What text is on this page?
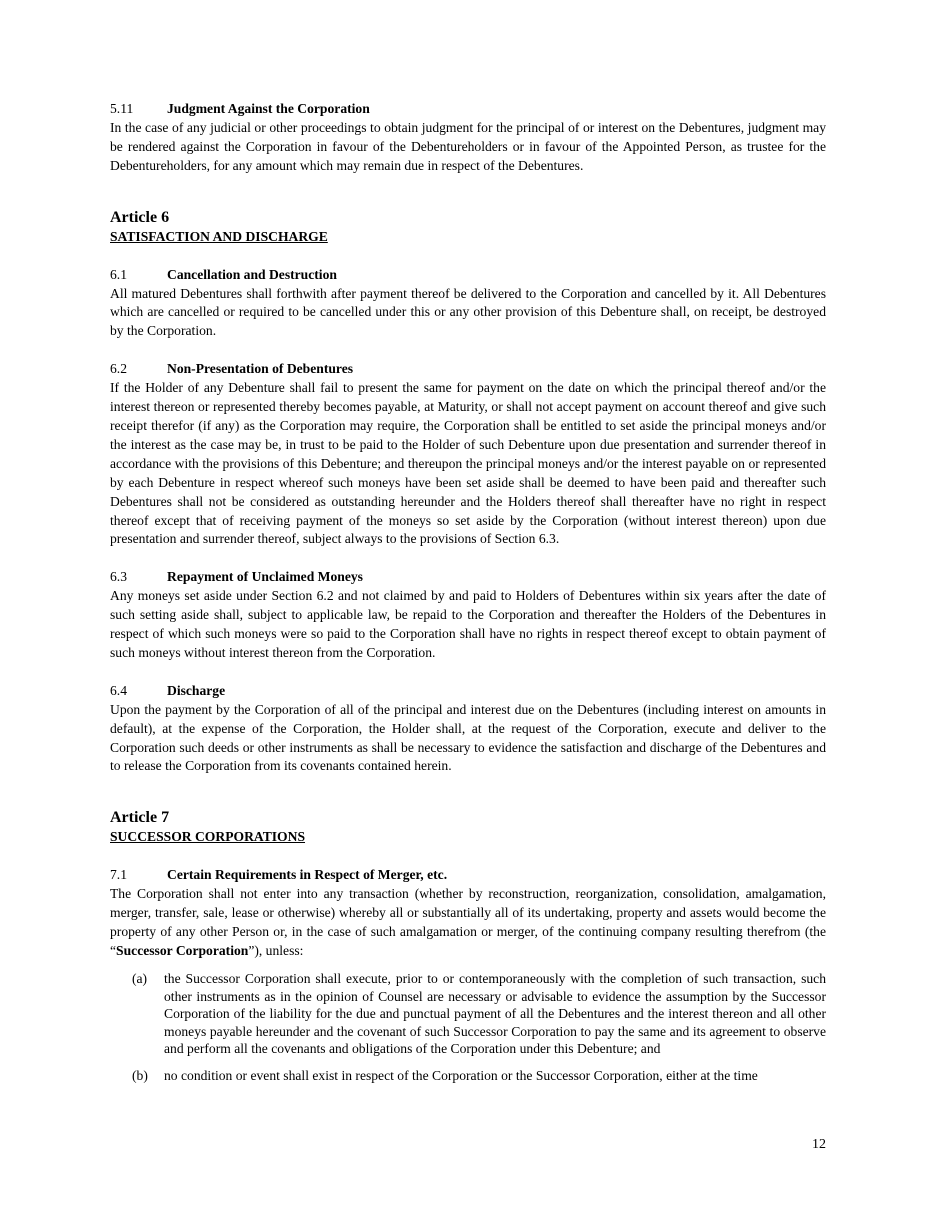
5.11 Judgment Against the Corporation

In the case of any judicial or other proceedings to obtain judgment for the principal of or interest on the Debentures, judgment may be rendered against the Corporation in favour of the Debentureholders or in favour of the Appointed Person, as trustee for the Debentureholders, for any amount which may remain due in respect of the Debentures.

Article 6

SATISFACTION AND DISCHARGE

6.1	Cancellation and Destruction

All matured Debentures shall forthwith after payment thereof be delivered to the Corporation and cancelled by it. All Debentures which are cancelled or required to be cancelled under this or any other provision of this Debenture shall, on receipt, be destroyed by the Corporation.

6.2	Non-Presentation of Debentures

If the Holder of any Debenture shall fail to present the same for payment on the date on which the principal thereof and/or the interest thereon or represented thereby becomes payable, at Maturity, or shall not accept payment on account thereof and give such receipt therefor (if any) as the Corporation may require, the Corporation shall be entitled to set aside the principal moneys and/or the interest as the case may be, in trust to be paid to the Holder of such Debenture upon due presentation and surrender thereof in accordance with the provisions of this Debenture; and thereupon the principal moneys and/or the interest payable on or represented by each Debenture in respect whereof such moneys have been set aside shall be deemed to have been paid and thereafter such Debentures shall not be considered as outstanding hereunder and the Holders thereof shall thereafter have no right in respect thereof except that of receiving payment of the moneys so set aside by the Corporation (without interest thereon) upon due presentation and surrender thereof, subject always to the provisions of Section 6.3.

6.3	Repayment of Unclaimed Moneys

Any moneys set aside under Section 6.2 and not claimed by and paid to Holders of Debentures within six years after the date of such setting aside shall, subject to applicable law, be repaid to the Corporation and thereafter the Holders of the Debentures in respect of which such moneys were so paid to the Corporation shall have no rights in respect thereof except to obtain payment of such moneys without interest thereon from the Corporation.

6.4	Discharge

Upon the payment by the Corporation of all of the principal and interest due on the Debentures (including interest on amounts in default), at the expense of the Corporation, the Holder shall, at the request of the Corporation, execute and deliver to the Corporation such deeds or other instruments as shall be necessary to evidence the satisfaction and discharge of the Debentures and to release the Corporation from its covenants contained herein.

Article 7

SUCCESSOR CORPORATIONS

7.1	Certain Requirements in Respect of Merger, etc.

The Corporation shall not enter into any transaction (whether by reconstruction, reorganization, consolidation, amalgamation, merger, transfer, sale, lease or otherwise) whereby all or substantially all of its undertaking, property and assets would become the property of any other Person or, in the case of such amalgamation or merger, of the continuing company resulting therefrom (the “Successor Corporation”), unless:

(a)	the Successor Corporation shall execute, prior to or contemporaneously with the completion of such transaction, such other instruments as in the opinion of Counsel are necessary or advisable to evidence the assumption by the Successor Corporation of the liability for the due and punctual payment of all the Debentures and the interest thereon and all other moneys payable hereunder and the covenant of such Successor Corporation to pay the same and its agreement to observe and perform all the covenants and obligations of the Corporation under this Debenture; and
(b)	no condition or event shall exist in respect of the Corporation or the Successor Corporation, either at the time
12
